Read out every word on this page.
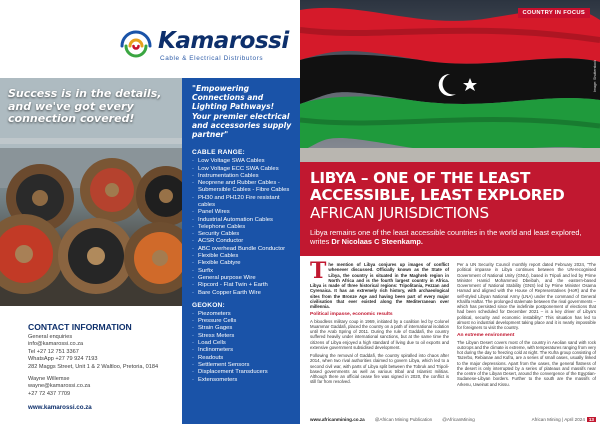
Kamarossi
Cable & Electrical Distributors
Success is in the details, and we've got every connection covered!
"Empowering Connections and Lighting Pathways! Your premier electrical and accessories supply partner"
CABLE RANGE:
- Low Voltage SWA Cables
- Low Voltage ECC SWA Cables
- Instrumentation Cables
- Neoprene and Rubber Cables - Submersible Cables - Fibre Cables
- PH30 and PH120 Fire resistant cables
- Panel Wires
- Industrial Automation Cables
- Telephone Cables
- Security Cables
- ACSR Conductor
- ABC overhead Bundle Conductor
- Flexible Cables
- Flexible Cabtyre
- Surfix
- General purpose Wire
- Ripcord - Flat Twin + Earth
- Bare Copper Earth Wire
GEOKON:
- Piezometers
- Pressure Cells
- Strain Gages
- Stress Meters
- Load Cells
- Inclinometers
- Readouts
- Settlement Sensors
- Displacement Transducers
- Extensometers
CONTACT INFORMATION
General enquiries
info@kamarossi.co.za
Tel +27 12 751 3367
WhatsApp +27 79 924 7193
282 Maggs Street, Unit 1 & 2 Waltloo, Pretoria, 0184
Wayne Willemse
wayne@kamarossi.co.za
+27 72 437 7709
www.kamarossi.co.za
COUNTRY IN FOCUS
Image: Shutterstock
LIBYA – ONE OF THE LEAST ACCESSIBLE, LEAST EXPLORED
AFRICAN JURISDICTIONS
Libya remains one of the least accessible countries in the world and least explored, writes Dr Nicolaas C Steenkamp.

The mention of Libya conjures up images of conflict whenever discussed. Officially known as the State of Libya, the country is situated in the Maghreb region in North Africa and is the fourth largest country in Africa. Libya is made of three historical regions: Tripolitania, Fezzan and Cyrenaica. It has an extremely rich history, with archaeological sites from the Bronze Age and having been part of every major civilisation that ever existed along the Mediterranean over millennia.

Political impasse, economic results

A bloodless military coup in 1969, initiated by a coalition led by Colonel Muammar Gaddafi, placed the country on a path of international isolation until the Arab Spring of 2011. During the rule of Gaddafi, the country suffered heavily under international sanctions, but at the same time the citizens of Libya enjoyed a high standard of living due to oil exports and extensive government subsidised development.

Following the removal of Gaddafi, the country spiralled into chaos after 2014, when two rival authorities claimed to govern Libya, which led to a second civil war, with parts of Libya split between the Tobruk and Tripoli-based governments as well as various tribal and Islamist militias. Although there an official cease fire was signed in 2020, the conflict is still far from resolved.

Per a UN Security Council monthly report dated February 2024, "The political impasse in Libya continues between the UN-recognised Government of National Unity (GNU), based in Tripoli and led by Prime Minister Hamid Mohammed Dbeibah, and the eastern-based Government of National Stability (GNS) led by Prime Minister Osama Hamad and aligned with the House of Representatives (HoR) and the self-styled Libyan National Army (LNA) under the command of General Khalifa Haftar. The prolonged stalemate between the rival governments – which has persisted since the indefinite postponement of elections that had been scheduled for December 2021 – is a key driver of Libya's political, security and economic instability." This situation has led to almost no industrial development taking place and it is nearly impossible for foreigners to visit the country.

An extreme environment

The Libyan Desert covers most of the country in Aeolian sand with rock outcrops and the climate is extreme, with temperatures ranging from very hot during the day to freezing cold at night. The Kufra group consisting of Tazerbo, Rebianae and Kufra, are a series of small oases, usually linked to the major depressions. Apart from the oases, the general flatness of the desert is only interrupted by a series of plateaus and massifs near the centre of the Libyan Desert, around the convergence of the Egyptian-Sudanese-Libyan borders. Further to the south are the massifs of Arkenu, Uweinat and Kissu.

www.africanmining.co.za @African Mining Publication @AfricanMining	African Mining | April 2024 13
